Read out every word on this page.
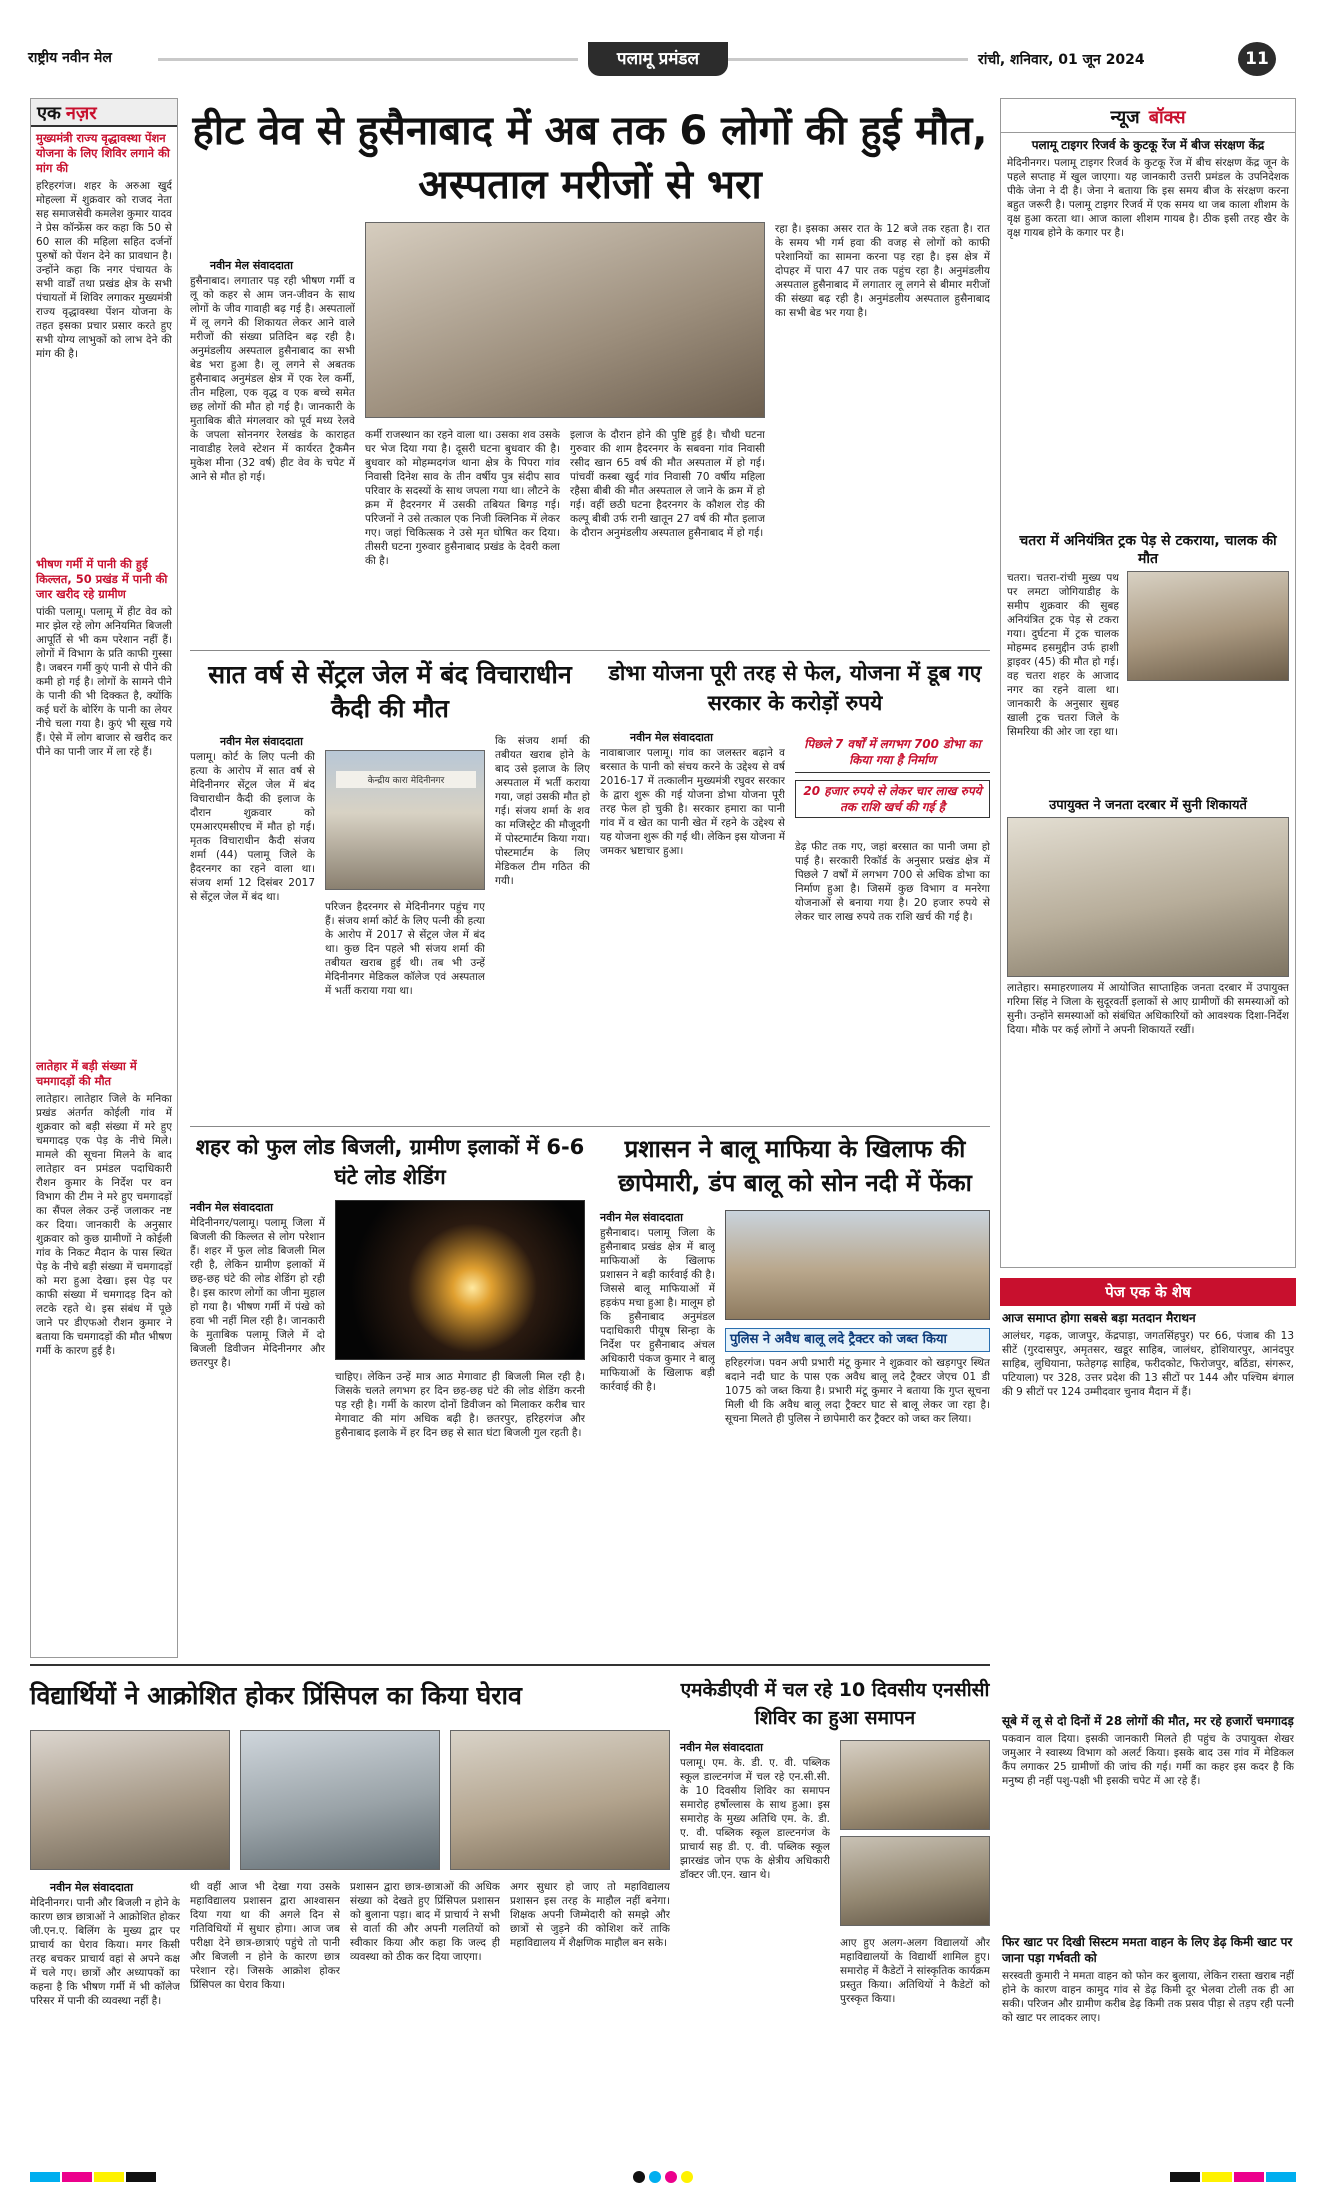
राष्ट्रीय नवीन मेल	पलामू प्रमंडल	रांची, शनिवार, 01 जून 2024	11
एक नज़र
मुख्यमंत्री राज्य वृद्धावस्था पेंशन योजना के लिए शिविर लगाने की मांग की
हरिहरगंज। शहर के अरुआ खुर्द मोहल्ला में शुक्रवार को राजद नेता सह समाजसेवी कमलेश कुमार यादव ने प्रेस कॉन्फ्रेंस कर कहा कि 50 से 60 साल की महिला सहित दर्जनों पुरुषों को पेंशन देने का प्रावधान है। उन्होंने कहा कि नगर पंचायत के सभी वार्डों तथा प्रखंड क्षेत्र के सभी पंचायतों में शिविर लगाकर मुख्यमंत्री राज्य वृद्धावस्था पेंशन योजना के तहत इसका प्रचार प्रसार करते हुए सभी योग्य लाभुकों को लाभ देने की मांग की है।
भीषण गर्मी में पानी की हुई किल्लत, 50 प्रखंड में पानी की जार खरीद रहे ग्रामीण
पांकी पलामू। पलामू में हीट वेव को मार झेल रहे लोग अनियमित बिजली आपूर्ति से भी कम परेशान नहीं हैं। लोगों में विभाग के प्रति काफी गुस्सा है। जबरन गर्मी कुएं पानी से पीने की कमी हो गई है। लोगों के सामने पीने के पानी की भी दिक्कत है, क्योंकि कई घरों के बोरिंग के पानी का लेयर नीचे चला गया है। कुएं भी सूख गये हैं। ऐसे में लोग बाजार से खरीद कर पीने का पानी जार में ला रहे हैं।
लातेहार में बड़ी संख्या में चमगादड़ों की मौत
लातेहार। लातेहार जिले के मनिका प्रखंड अंतर्गत कोईली गांव में शुक्रवार को बड़ी संख्या में मरे हुए चमगादड़ एक पेड़ के नीचे मिले। मामले की सूचना मिलने के बाद लातेहार वन प्रमंडल पदाधिकारी रौशन कुमार के निर्देश पर वन विभाग की टीम ने मरे हुए चमगादड़ों का सैंपल लेकर उन्हें जलाकर नष्ट कर दिया। जानकारी के अनुसार शुक्रवार को कुछ ग्रामीणों ने कोईली गांव के निकट मैदान के पास स्थित पेड़ के नीचे बड़ी संख्या में चमगादड़ों को मरा हुआ देखा। इस पेड़ पर काफी संख्या में चमगादड़ दिन को लटके रहते थे। इस संबंध में पूछे जाने पर डीएफओ रौशन कुमार ने बताया कि चमगादड़ों की मौत भीषण गर्मी के कारण हुई है।
हीट वेव से हुसैनाबाद में अब तक 6 लोगों की हुई मौत, अस्पताल मरीजों से भरा
नवीन मेल संवाददाता
हुसैनाबाद। लगातार पड़ रही भीषण गर्मी व लू को कहर से आम जन-जीवन के साथ लोगों के जीव गावाही बढ़ गई है। अस्पतालों में लू लगने की शिकायत लेकर आने वाले मरीजों की संख्या प्रतिदिन बढ़ रही है। अनुमंडलीय अस्पताल हुसैनाबाद का सभी बेड भरा हुआ है। लू लगने से अबतक हुसैनाबाद अनुमंडल क्षेत्र में एक रेल कर्मी, तीन महिला, एक वृद्ध व एक बच्चे समेत छह लोगों की मौत हो गई है। जानकारी के मुताबिक बीते मंगलवार को पूर्व मध्य रेलवे के जपला सोननगर रेलखंड के काराहत नावाडीह रेलवे स्टेशन में कार्यरत ट्रैकमैन मुकेश मीना (32 वर्ष) हीट वेव के चपेट में आने से मौत हो गई।
कर्मी राजस्थान का रहने वाला था। उसका शव उसके घर भेज दिया गया है। दूसरी घटना बुधवार की है। बुधवार को मोहम्मदगंज थाना क्षेत्र के पिपरा गांव निवासी दिनेश साव के तीन वर्षीय पुत्र संदीप साव परिवार के सदस्यों के साथ जपला गया था। लौटने के क्रम में हैदरनगर में उसकी तबियत बिगड़ गई। परिजनों ने उसे तत्काल एक निजी क्लिनिक में लेकर गए। जहां चिकित्सक ने उसे मृत घोषित कर दिया। तीसरी घटना गुरुवार हुसैनाबाद प्रखंड के देवरी कला की है।
इलाज के दौरान होने की पुष्टि हुई है। चौथी घटना गुरुवार की शाम हैदरनगर के सबवना गांव निवासी रसीद खान 65 वर्ष की मौत अस्पताल में हो गई। पांचवीं कस्बा खुर्द गांव निवासी 70 वर्षीय महिला रहैसा बीबी की मौत अस्पताल ले जाने के क्रम में हो गई। वहीं छठी घटना हैदरनगर के कौशल रोड़ की कल्पू बीबी उर्फ रानी खातून 27 वर्ष की मौत इलाज के दौरान अनुमंडलीय अस्पताल हुसैनाबाद में हो गई।
रहा है। इसका असर रात के 12 बजे तक रहता है। रात के समय भी गर्म हवा की वजह से लोगों को काफी परेशानियों का सामना करना पड़ रहा है। इस क्षेत्र में दोपहर में पारा 47 पार तक पहुंच रहा है। अनुमंडलीय अस्पताल हुसैनाबाद में लगातार लू लगने से बीमार मरीजों की संख्या बढ़ रही है। अनुमंडलीय अस्पताल हुसैनाबाद का सभी बेड भर गया है।
सात वर्ष से सेंट्रल जेल में बंद विचाराधीन कैदी की मौत
नवीन मेल संवाददाता
पलामू। कोर्ट के लिए पत्नी की हत्या के आरोप में सात वर्ष से मेदिनीनगर सेंट्रल जेल में बंद विचाराधीन कैदी की इलाज के दौरान शुक्रवार को एमआरएमसीएच में मौत हो गई। मृतक विचाराधीन कैदी संजय शर्मा (44) पलामू जिले के हैदरनगर का रहने वाला था। संजय शर्मा 12 दिसंबर 2017 से सेंट्रल जेल में बंद था।
केन्द्रीय कारा मेदिनीनगर
परिजन हैदरनगर से मेदिनीनगर पहुंच गए हैं। संजय शर्मा कोर्ट के लिए पत्नी की हत्या के आरोप में 2017 से सेंट्रल जेल में बंद था। कुछ दिन पहले भी संजय शर्मा की तबीयत खराब हुई थी। तब भी उन्हें मेदिनीनगर मेडिकल कॉलेज एवं अस्पताल में भर्ती कराया गया था।
कि संजय शर्मा की तबीयत खराब होने के बाद उसे इलाज के लिए अस्पताल में भर्ती कराया गया, जहां उसकी मौत हो गई। संजय शर्मा के शव का मजिस्ट्रेट की मौजूदगी में पोस्टमार्टम किया गया। पोस्टमार्टम के लिए मेडिकल टीम गठित की गयी।
डोभा योजना पूरी तरह से फेल, योजना में डूब गए सरकार के करोड़ों रुपये
नवीन मेल संवाददाता
नावाबाजार पलामू। गांव का जलस्तर बढ़ाने व बरसात के पानी को संचय करने के उद्देश्य से वर्ष 2016-17 में तत्कालीन मुख्यमंत्री रघुवर सरकार के द्वारा शुरू की गई योजना डोभा योजना पूरी तरह फेल हो चुकी है। सरकार हमारा का पानी गांव में व खेत का पानी खेत में रहने के उद्देश्य से यह योजना शुरू की गई थी। लेकिन इस योजना में जमकर भ्रष्टाचार हुआ।
पिछले 7 वर्षों में लगभग 700 डोभा का किया गया है निर्माण
20 हजार रुपये से लेकर चार लाख रुपये तक राशि खर्च की गई है
डेढ़ फीट तक गए, जहां बरसात का पानी जमा हो पाई है। सरकारी रिकॉर्ड के अनुसार प्रखंड क्षेत्र में पिछले 7 वर्षों में लगभग 700 से अधिक डोभा का निर्माण हुआ है। जिसमें कुछ विभाग व मनरेगा योजनाओं से बनाया गया है। 20 हजार रुपये से लेकर चार लाख रुपये तक राशि खर्च की गई है।
शहर को फुल लोड बिजली, ग्रामीण इलाकों में 6-6 घंटे लोड शेडिंग
नवीन मेल संवाददाता
मेदिनीनगर/पलामू। पलामू जिला में बिजली की किल्लत से लोग परेशान हैं। शहर में फुल लोड बिजली मिल रही है, लेकिन ग्रामीण इलाकों में छह-छह घंटे की लोड शेडिंग हो रही है। इस कारण लोगों का जीना मुहाल हो गया है। भीषण गर्मी में पंखे को हवा भी नहीं मिल रही है। जानकारी के मुताबिक पलामू जिले में दो बिजली डिवीजन मेदिनीनगर और छतरपुर है।
चाहिए। लेकिन उन्हें मात्र आठ मेगावाट ही बिजली मिल रही है। जिसके चलते लगभग हर दिन छह-छह घंटे की लोड शेडिंग करनी पड़ रही है। गर्मी के कारण दोनों डिवीजन को मिलाकर करीब चार मेगावाट की मांग अधिक बढ़ी है। छतरपुर, हरिहरगंज और हुसैनाबाद इलाके में हर दिन छह से सात घंटा बिजली गुल रहती है।
प्रशासन ने बालू माफिया के खिलाफ की छापेमारी, डंप बालू को सोन नदी में फेंका
नवीन मेल संवाददाता
हुसैनाबाद। पलामू जिला के हुसैनाबाद प्रखंड क्षेत्र में बालू माफियाओं के खिलाफ प्रशासन ने बड़ी कार्रवाई की है। जिससे बालू माफियाओं में हड़कंप मचा हुआ है। मालूम हो कि हुसैनाबाद अनुमंडल पदाधिकारी पीयूष सिन्हा के निर्देश पर हुसैनाबाद अंचल अधिकारी पंकज कुमार ने बालू माफियाओं के खिलाफ बड़ी कार्रवाई की है।
पुलिस ने अवैध बालू लदे ट्रैक्टर को जब्त किया
हरिहरगंज। पवन अपी प्रभारी मंटू कुमार ने शुक्रवार को खड़गपुर स्थित बदाने नदी घाट के पास एक अवैध बालू लदे ट्रैक्टर जेएच 01 डी 1075 को जब्त किया है। प्रभारी मंटू कुमार ने बताया कि गुप्त सूचना मिली थी कि अवैध बालू लदा ट्रैक्टर घाट से बालू लेकर जा रहा है। सूचना मिलते ही पुलिस ने छापेमारी कर ट्रैक्टर को जब्त कर लिया।
विद्यार्थियों ने आक्रोशित होकर प्रिंसिपल का किया घेराव
नवीन मेल संवाददाता
मेदिनीनगर। पानी और बिजली न होने के कारण छात्र छात्राओं ने आक्रोशित होकर जी.एन.ए. बिलिंग के मुख्य द्वार पर प्राचार्य का घेराव किया। मगर किसी तरह बचकर प्राचार्य वहां से अपने कक्ष में चले गए। छात्रों और अध्यापकों का कहना है कि भीषण गर्मी में भी कॉलेज परिसर में पानी की व्यवस्था नहीं है।
थी वहीं आज भी देखा गया उसके महाविद्यालय प्रशासन द्वारा आश्वासन दिया गया था की अगले दिन से गतिविधियों में सुधार होगा। आज जब परीक्षा देने छात्र-छात्राएं पहुंचे तो पानी और बिजली न होने के कारण छात्र परेशान रहे। जिसके आक्रोश होकर प्रिंसिपल का घेराव किया।
प्रशासन द्वारा छात्र-छात्राओं की अधिक संख्या को देखते हुए प्रिंसिपल प्रशासन को बुलाना पड़ा। बाद में प्राचार्य ने सभी से वार्ता की और अपनी गलतियों को स्वीकार किया और कहा कि जल्द ही व्यवस्था को ठीक कर दिया जाएगा।
अगर सुधार हो जाए तो महाविद्यालय प्रशासन इस तरह के माहौल नहीं बनेगा। शिक्षक अपनी जिम्मेदारी को समझे और छात्रों से जुड़ने की कोशिश करें ताकि महाविद्यालय में शैक्षणिक माहौल बन सके।
एमकेडीएवी में चल रहे 10 दिवसीय एनसीसी शिविर का हुआ समापन
नवीन मेल संवाददाता
पलामू। एम. के. डी. ए. वी. पब्लिक स्कूल डाल्टनगंज में चल रहे एन.सी.सी. के 10 दिवसीय शिविर का समापन समारोह हर्षोल्लास के साथ हुआ। इस समारोह के मुख्य अतिथि एम. के. डी. ए. वी. पब्लिक स्कूल डाल्टनगंज के प्राचार्य सह डी. ए. वी. पब्लिक स्कूल झारखंड जोन एफ के क्षेत्रीय अधिकारी डॉक्टर जी.एन. खान थे।
आए हुए अलग-अलग विद्यालयों और महाविद्यालयों के विद्यार्थी शामिल हुए। समारोह में कैडेटों ने सांस्कृतिक कार्यक्रम प्रस्तुत किया। अतिथियों ने कैडेटों को पुरस्कृत किया।
न्यूज बॉक्स
पलामू टाइगर रिजर्व के कुटकू रेंज में बीज संरक्षण केंद्र
मेदिनीनगर। पलामू टाइगर रिजर्व के कुटकू रेंज में बीच संरक्षण केंद्र जून के पहले सप्ताह में खुल जाएगा। यह जानकारी उत्तरी प्रमंडल के उपनिदेशक पीके जेना ने दी है। जेना ने बताया कि इस समय बीज के संरक्षण करना बहुत जरूरी है। पलामू टाइगर रिजर्व में एक समय था जब काला शीशम के वृक्ष हुआ करता था। आज काला शीशम गायब है। ठीक इसी तरह खैर के वृक्ष गायब होने के कगार पर है।
चतरा में अनियंत्रित ट्रक पेड़ से टकराया, चालक की मौत
चतरा। चतरा-रांची मुख्य पथ पर लमटा जोगियाडीह के समीप शुक्रवार की सुबह अनियंत्रित ट्रक पेड़ से टकरा गया। दुर्घटना में ट्रक चालक मोहम्मद हसमुद्दीन उर्फ हाशी ड्राइवर (45) की मौत हो गई। वह चतरा शहर के आजाद नगर का रहने वाला था। जानकारी के अनुसार सुबह खाली ट्रक चतरा जिले के सिमरिया की ओर जा रहा था।
उपायुक्त ने जनता दरबार में सुनी शिकायतें
लातेहार। समाहरणालय में आयोजित साप्ताहिक जनता दरबार में उपायुक्त गरिमा सिंह ने जिला के सुदूरवर्ती इलाकों से आए ग्रामीणों की समस्याओं को सुनी। उन्होंने समस्याओं को संबंधित अधिकारियों को आवश्यक दिशा-निर्देश दिया। मौके पर कई लोगों ने अपनी शिकायतें रखीं।
पेज एक के शेष
आज समाप्त होगा सबसे बड़ा मतदान मैराथन
आलंधर, गढ़क, जाजपुर, केंद्रपाड़ा, जगतसिंहपुर) पर 66, पंजाब की 13 सीटें (गुरदासपुर, अमृतसर, खडूर साहिब, जालंधर, होशियारपुर, आनंदपुर साहिब, लुधियाना, फतेहगढ़ साहिब, फरीदकोट, फिरोजपुर, बठिंडा, संगरूर, पटियाला) पर 328, उत्तर प्रदेश की 13 सीटों पर 144 और पश्चिम बंगाल की 9 सीटों पर 124 उम्मीदवार चुनाव मैदान में हैं।
सूबे में लू से दो दिनों में 28 लोगों की मौत, मर रहे हजारों चमगादड़
पकवान वाल दिया। इसकी जानकारी मिलते ही पहुंच के उपायुक्त शेखर जमुआर ने स्वास्थ्य विभाग को अलर्ट किया। इसके बाद उस गांव में मेडिकल कैंप लगाकर 25 ग्रामीणों की जांच की गई। गर्मी का कहर इस कदर है कि मनुष्य ही नहीं पशु-पक्षी भी इसकी चपेट में आ रहे हैं।
फिर खाट पर दिखी सिस्टम ममता वाहन के लिए डेढ़ किमी खाट पर जाना पड़ा गर्भवती को
सरस्वती कुमारी ने ममता वाहन को फोन कर बुलाया, लेकिन रास्ता खराब नहीं होने के कारण वाहन कामुद गांव से डेढ़ किमी दूर भेलवा टोली तक ही आ सकी। परिजन और ग्रामीण करीब डेढ़ किमी तक प्रसव पीड़ा से तड़प रही पत्नी को खाट पर लादकर लाए।
